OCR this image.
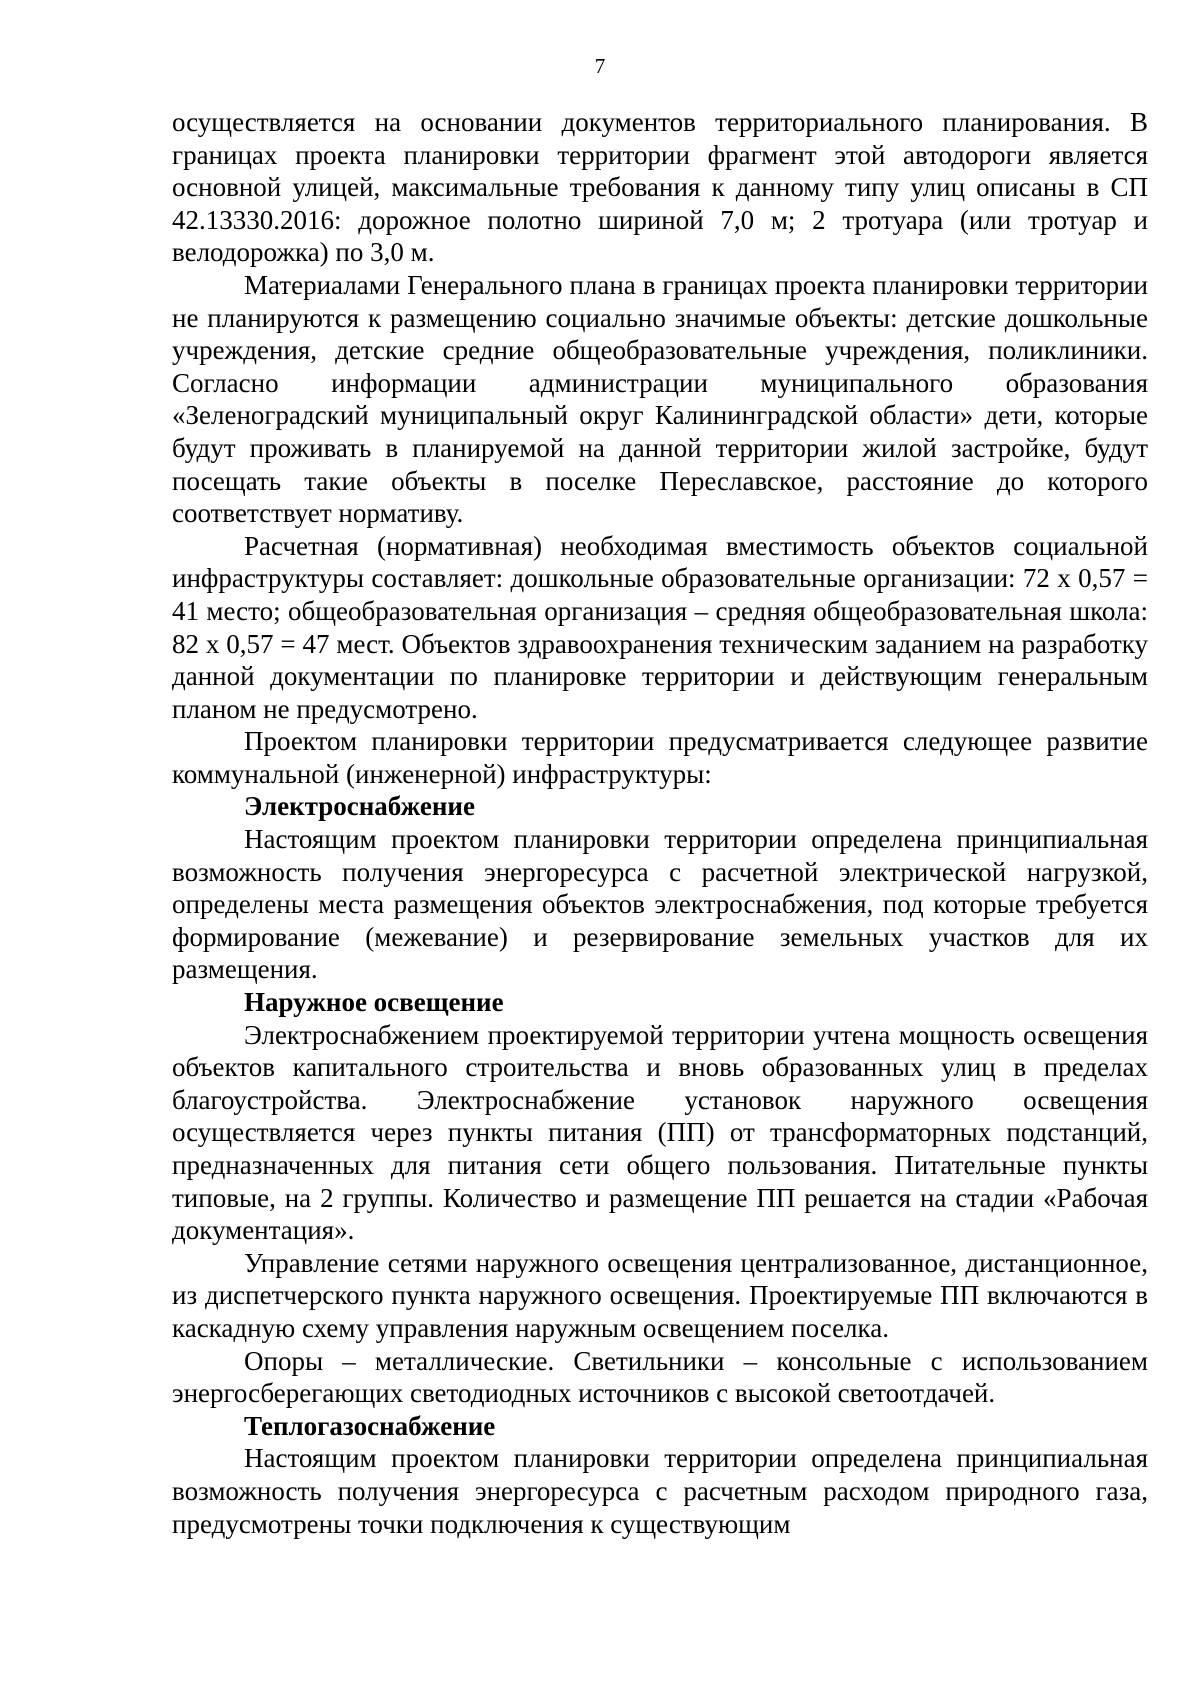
7

осуществляется на основании документов территориального планирования. В границах проекта планировки территории фрагмент этой автодороги является основной улицей, максимальные требования к данному типу улиц описаны в СП 42.13330.2016: дорожное полотно шириной 7,0 м; 2 тротуара (или тротуар и велодорожка) по 3,0 м.

Материалами Генерального плана в границах проекта планировки территории не планируются к размещению социально значимые объекты: детские дошкольные учреждения, детские средние общеобразовательные учреждения, поликлиники. Согласно информации администрации муниципального образования «Зеленоградский муниципальный округ Калининградской области» дети, которые будут проживать в планируемой на данной территории жилой застройке, будут посещать такие объекты в поселке Переславское, расстояние до которого соответствует нормативу.

Расчетная (нормативная) необходимая вместимость объектов социальной инфраструктуры составляет: дошкольные образовательные организации: 72 х 0,57 = 41 место; общеобразовательная организация – средняя общеобразовательная школа: 82 х 0,57 = 47 мест. Объектов здравоохранения техническим заданием на разработку данной документации по планировке территории и действующим генеральным планом не предусмотрено.

Проектом планировки территории предусматривается следующее развитие коммунальной (инженерной) инфраструктуры:

Электроснабжение

Настоящим проектом планировки территории определена принципиальная возможность получения энергоресурса с расчетной электрической нагрузкой, определены места размещения объектов электроснабжения, под которые требуется формирование (межевание) и резервирование земельных участков для их размещения.

Наружное освещение

Электроснабжением проектируемой территории учтена мощность освещения объектов капитального строительства и вновь образованных улиц в пределах благоустройства. Электроснабжение установок наружного освещения осуществляется через пункты питания (ПП) от трансформаторных подстанций, предназначенных для питания сети общего пользования. Питательные пункты типовые, на 2 группы. Количество и размещение ПП решается на стадии «Рабочая документация».

Управление сетями наружного освещения централизованное, дистанционное, из диспетчерского пункта наружного освещения. Проектируемые ПП включаются в каскадную схему управления наружным освещением поселка.

Опоры – металлические. Светильники – консольные с использованием энергосберегающих светодиодных источников с высокой светоотдачей.

Теплогазоснабжение

Настоящим проектом планировки территории определена принципиальная возможность получения энергоресурса с расчетным расходом природного газа, предусмотрены точки подключения к существующим
